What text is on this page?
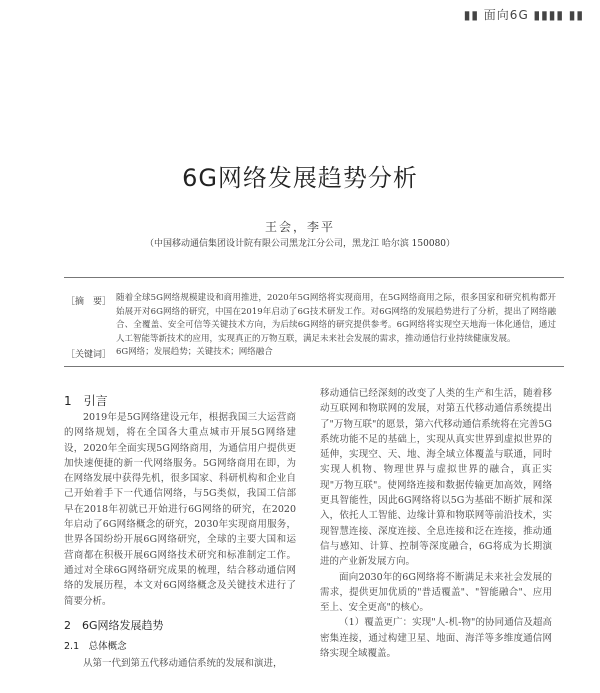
▮▮ 面向6G ▮▮▮▮ ▮▮
6G网络发展趋势分析
王会，李平
（中国移动通信集团设计院有限公司黑龙江分公司，黑龙江 哈尔滨 150080）
［摘　要］ 随着全球5G网络规模建设和商用推进，2020年5G网络将实现商用，在5G网络商用之际，很多国家和研究机构都开始展开对6G网络的研究，中国在2019年启动了6G技术研发工作。对6G网络的发展趋势进行了分析，提出了网络融合、全覆盖、安全可信等关键技术方向，为后续6G网络的研究提供参考。6G网络将实现空天地海一体化通信，通过人工智能等新技术的应用，实现真正的万物互联，满足未来社会发展的需求，推动通信行业持续健康发展。
［关键词］ 6G网络；发展趋势；关键技术；网络融合
1　引言

2019年是5G网络建设元年，根据我国三大运营商的网络规划，将在全国各大重点城市开展5G网络建设，2020年全面实现5G网络商用，为通信用户提供更加快速便捷的新一代网络服务。5G网络商用在即，为在网络发展中获得先机，很多国家、科研机构和企业自己开始着手下一代通信网络，与5G类似，我国工信部早在2018年初就已开始进行6G网络的研究，在2020年启动了6G网络概念的研究，2030年实现商用服务，世界各国纷纷开展6G网络研究，全球的主要大国和运营商都在积极开展6G网络技术研究和标准制定工作。通过对全球6G网络研究成果的梳理，结合移动通信网络的发展历程，本文对6G网络概念及关键技术进行了简要分析。

2　6G网络发展趋势
2.1　总体概念

从第一代到第五代移动通信系统的发展和演进，

移动通信已经深刻的改变了人类的生产和生活，随着移动互联网和物联网的发展，对第五代移动通信系统提出了"万物互联"的愿景，第六代移动通信系统将在完善5G系统功能不足的基础上，实现从真实世界到虚拟世界的延伸，实现空、天、地、海全域立体覆盖与联通，同时实现人机物、物理世界与虚拟世界的融合，真正实现"万物互联"。使网络连接和数据传输更加高效，网络更具智能性，因此6G网络将以5G为基础不断扩展和深入，依托人工智能、边缘计算和物联网等前沿技术，实现智慧连接、深度连接、全息连接和泛在连接，推动通信与感知、计算、控制等深度融合，6G将成为长期演进的产业新发展方向。

面向2030年的6G网络将不断满足未来社会发展的需求，提供更加优质的"普适覆盖"、"智能融合"、应用至上、安全更高"的核心。

（1）覆盖更广：实现"人-机-物"的协同通信及超高密集连接，通过构建卫星、地面、海洋等多维度通信网络实现全域覆盖。
